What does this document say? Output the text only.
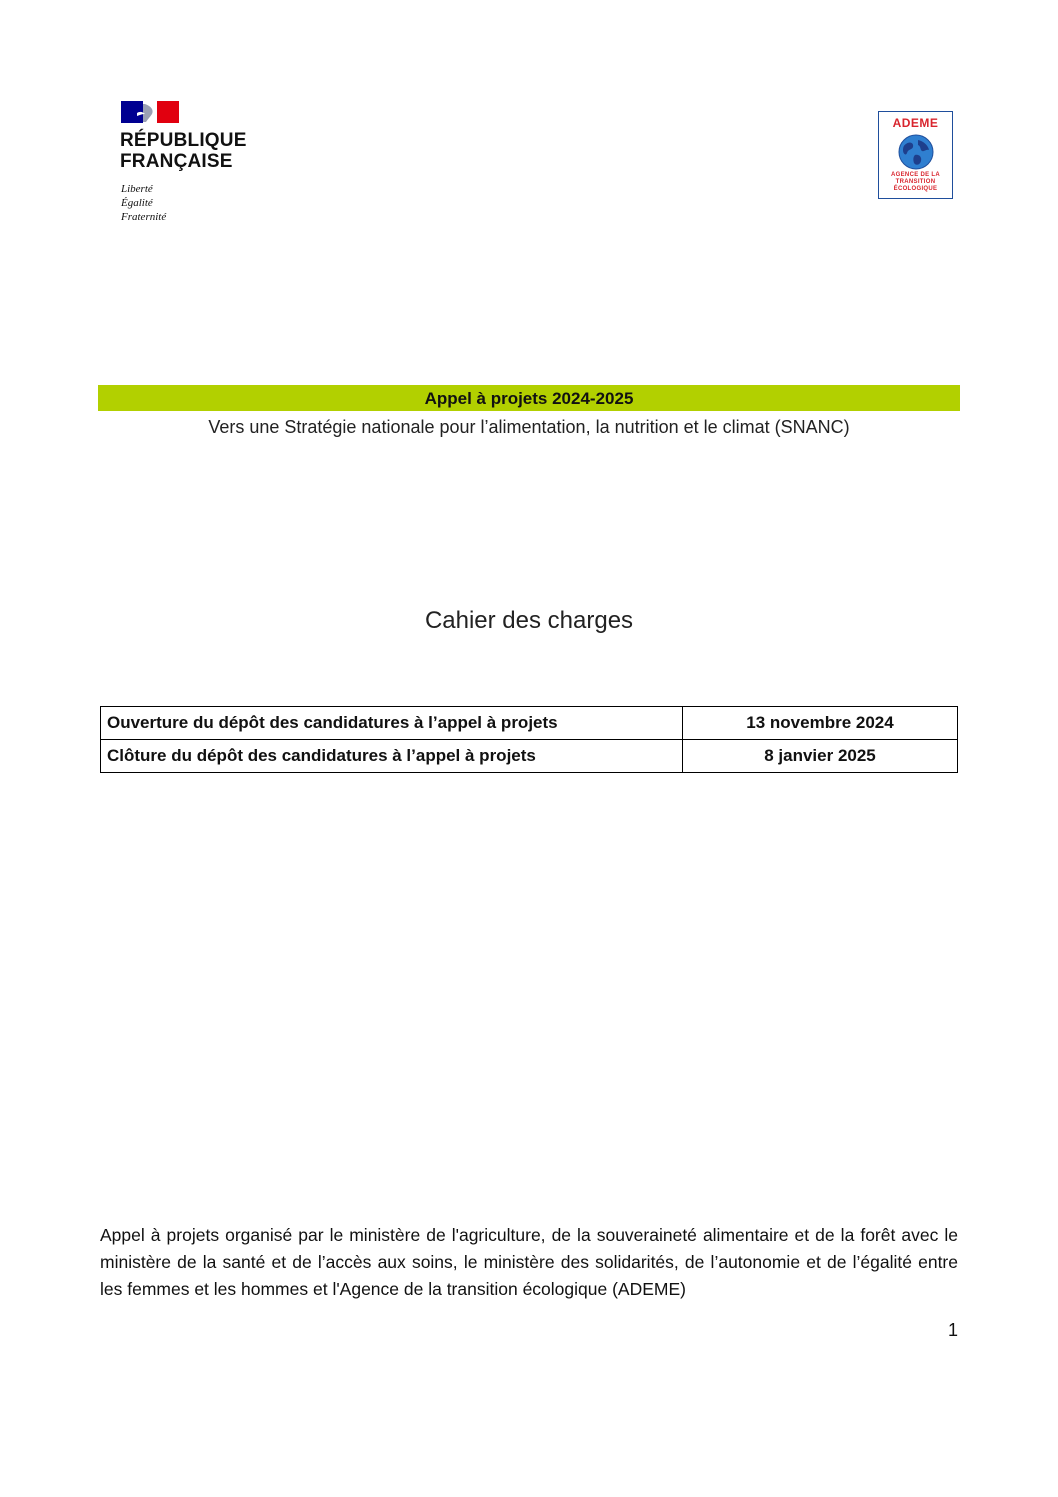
RÉPUBLIQUE
FRANÇAISE
Liberté
Égalité
Fraternité
ADEME
AGENCE DE LA
TRANSITION
ÉCOLOGIQUE
Appel à projets 2024-2025
Vers une Stratégie nationale pour l’alimentation, la nutrition et le climat (SNANC)
Cahier des charges
Ouverture du dépôt des candidatures à l’appel à projets	13 novembre 2024
Clôture du dépôt des candidatures à l’appel à projets	8 janvier 2025
Appel à projets organisé par le ministère de l'agriculture, de la souveraineté alimentaire et de la forêt avec le ministère de la santé et de l’accès aux soins, le ministère des solidarités, de l’autonomie et de l’égalité entre les femmes et les hommes et l'Agence de la transition écologique (ADEME)
1
